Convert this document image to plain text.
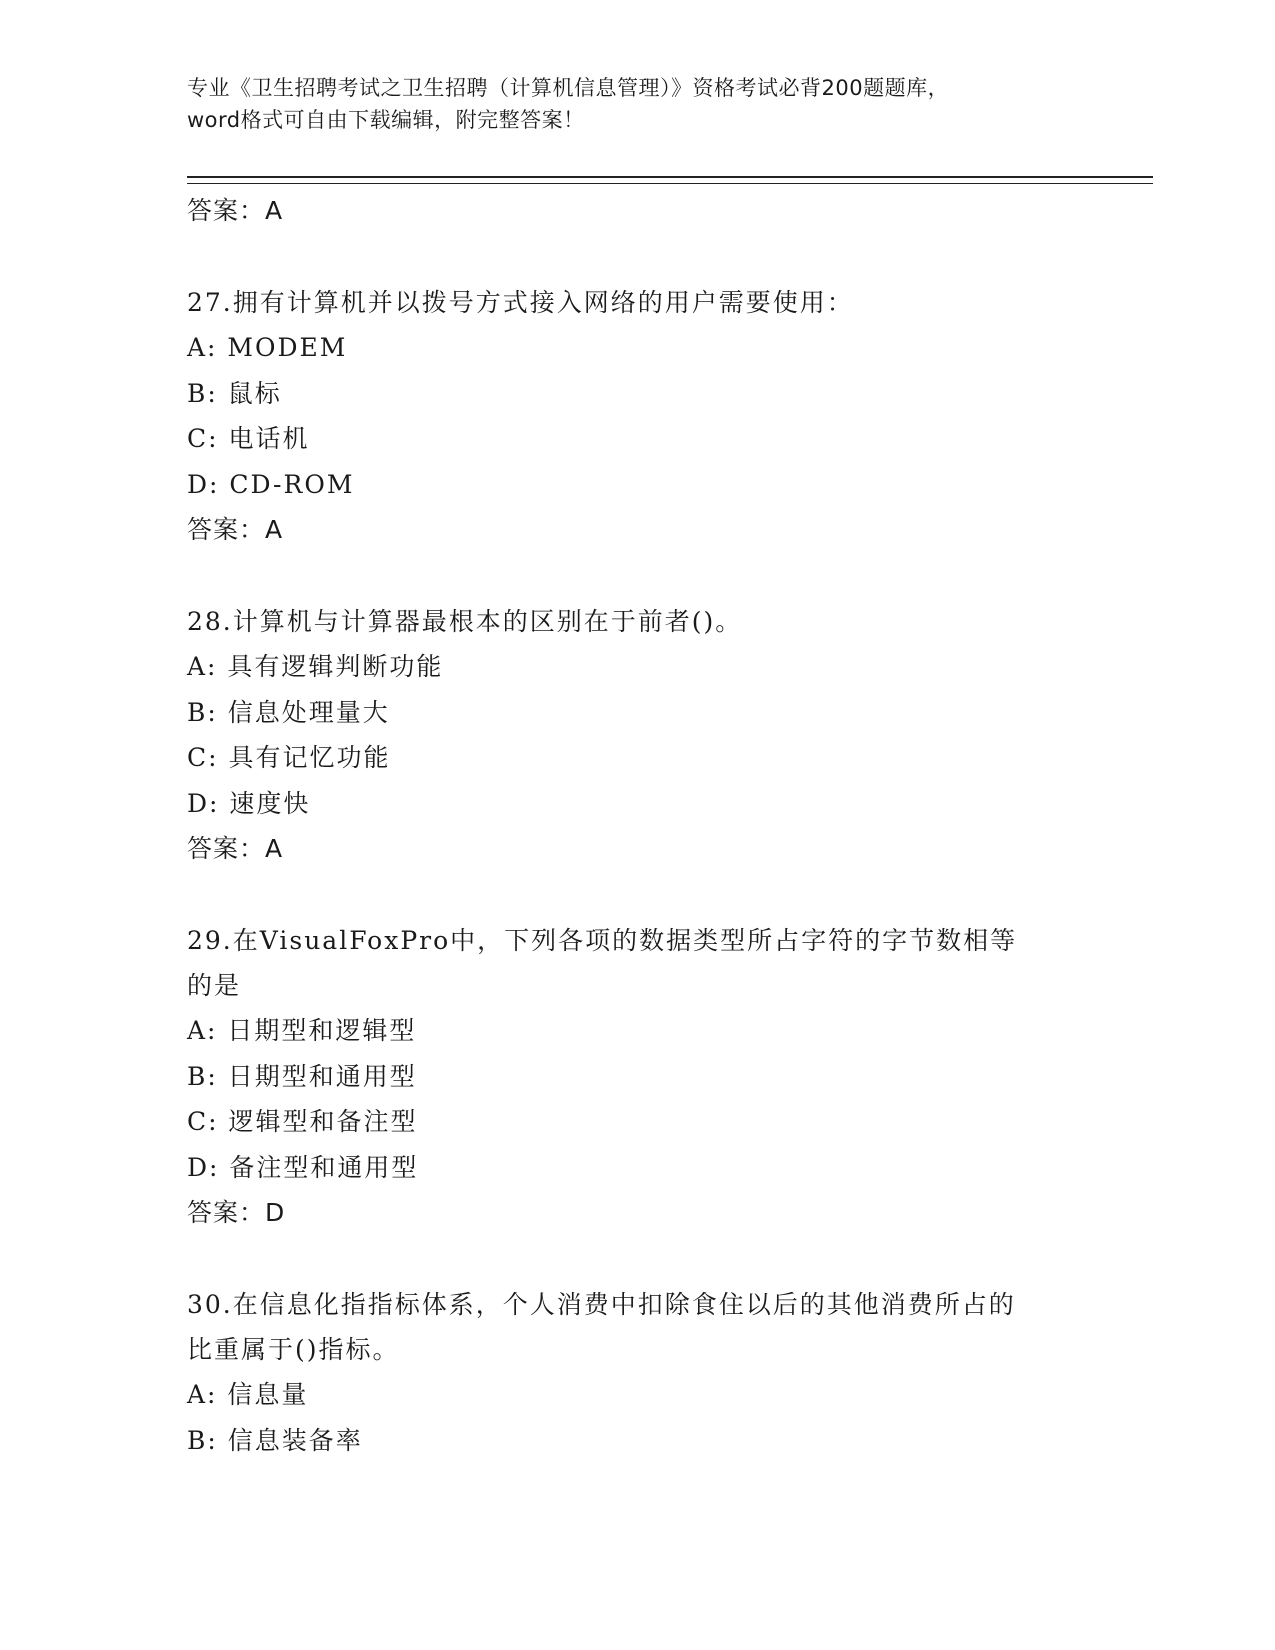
专业《卫生招聘考试之卫生招聘（计算机信息管理）》资格考试必背200题题库，
word格式可自由下载编辑，附完整答案！
答案：A
27.拥有计算机并以拨号方式接入网络的用户需要使用：
A: MODEM
B: 鼠标
C: 电话机
D: CD-ROM
答案：A
28.计算机与计算器最根本的区别在于前者()。
A: 具有逻辑判断功能
B: 信息处理量大
C: 具有记忆功能
D: 速度快
答案：A
29.在VisualFoxPro中，下列各项的数据类型所占字符的字节数相等
的是
A: 日期型和逻辑型
B: 日期型和通用型
C: 逻辑型和备注型
D: 备注型和通用型
答案：D
30.在信息化指指标体系，个人消费中扣除食住以后的其他消费所占的
比重属于()指标。
A: 信息量
B: 信息装备率
